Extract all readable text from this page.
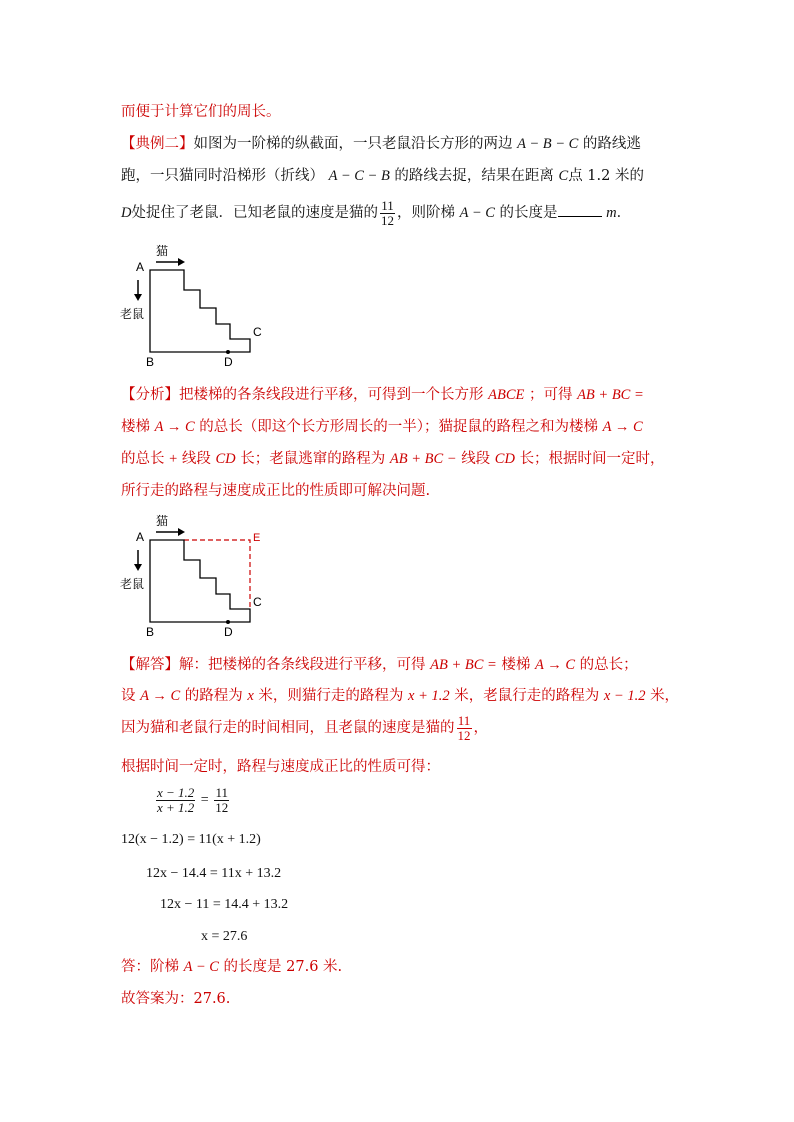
而便于计算它们的周长。
【典例二】如图为一阶梯的纵截面，一只老鼠沿长方形的两边 A − B − C 的路线逃
跑，一只猫同时沿梯形（折线） A − C − B 的路线去捉，结果在距离 C点 1.2 米的
D处捉住了老鼠．已知老鼠的速度是猫的 $\frac{11}{12}$ ，则阶梯 A − C 的长度是	m．
猫
A
老鼠
C
B	D
【分析】把楼梯的各条线段进行平移，可得到一个长方形 ABCE ；可得 AB + BC =
楼梯 A → C 的总长（即这个长方形周长的一半）；猫捉鼠的路程之和为楼梯 A → C
的总长 + 线段 CD 长；老鼠逃窜的路程为 AB + BC − 线段 CD 长；根据时间一定时，
所行走的路程与速度成正比的性质即可解决问题.
猫
A
老鼠
E
C
B	D
【解答】解：把楼梯的各条线段进行平移，可得 AB + BC = 楼梯 A → C 的总长；
设 A → C 的路程为 x 米，则猫行走的路程为 x + 1.2 米，老鼠行走的路程为 x − 1.2 米，
因为猫和老鼠行走的时间相同，且老鼠的速度是猫的 $\frac{11}{12}$ ，
根据时间一定时，路程与速度成正比的性质可得：
$\frac{x - 1.2}{x + 1.2} = \frac{11}{12}$
12(x − 1.2) = 11(x + 1.2)
12x − 14.4 = 11x + 13.2
12x − 11 = 14.4 + 13.2
x = 27.6
答：阶梯 A − C 的长度是 27.6 米.
故答案为：27.6.
